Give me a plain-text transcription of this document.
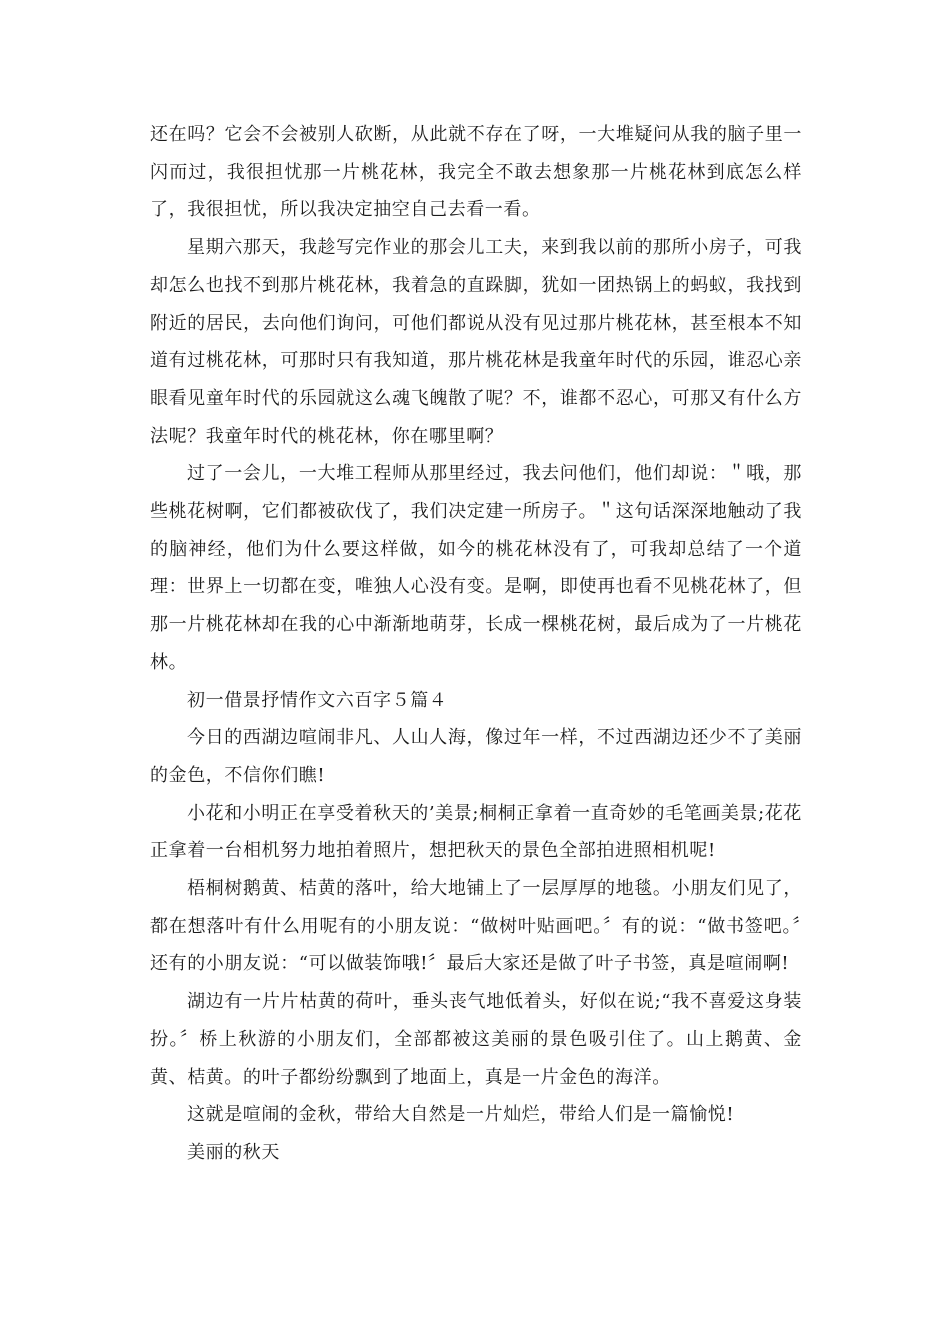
还在吗？它会不会被别人砍断，从此就不存在了呀，一大堆疑问从我的脑子里一闪而过，我很担忧那一片桃花林，我完全不敢去想象那一片桃花林到底怎么样了，我很担忧，所以我决定抽空自己去看一看。

星期六那天，我趁写完作业的那会儿工夫，来到我以前的那所小房子，可我却怎么也找不到那片桃花林，我着急的直跺脚，犹如一团热锅上的蚂蚁，我找到附近的居民，去向他们询问，可他们都说从没有见过那片桃花林，甚至根本不知道有过桃花林，可那时只有我知道，那片桃花林是我童年时代的乐园，谁忍心亲眼看见童年时代的乐园就这么魂飞魄散了呢？不，谁都不忍心，可那又有什么方法呢？我童年时代的桃花林，你在哪里啊？

过了一会儿，一大堆工程师从那里经过，我去问他们，他们却说：＂哦，那些桃花树啊，它们都被砍伐了，我们决定建一所房子。＂这句话深深地触动了我的脑神经，他们为什么要这样做，如今的桃花林没有了，可我却总结了一个道理：世界上一切都在变，唯独人心没有变。是啊，即使再也看不见桃花林了，但那一片桃花林却在我的心中渐渐地萌芽，长成一棵桃花树，最后成为了一片桃花林。

初一借景抒情作文六百字５篇４

今日的西湖边喧闹非凡、人山人海，像过年一样，不过西湖边还少不了美丽的金色，不信你们瞧!

小花和小明正在享受着秋天的’美景;桐桐正拿着一直奇妙的毛笔画美景;花花正拿着一台相机努力地拍着照片，想把秋天的景色全部拍进照相机呢!

梧桐树鹅黄、桔黄的落叶，给大地铺上了一层厚厚的地毯。小朋友们见了，都在想落叶有什么用呢有的小朋友说：“做树叶贴画吧。〞有的说：“做书签吧。〞还有的小朋友说：“可以做装饰哦!〞最后大家还是做了叶子书签，真是喧闹啊!

湖边有一片片枯黄的荷叶，垂头丧气地低着头，好似在说;“我不喜爱这身装扮。〞桥上秋游的小朋友们，全部都被这美丽的景色吸引住了。山上鹅黄、金黄、桔黄。的叶子都纷纷飘到了地面上，真是一片金色的海洋。

这就是喧闹的金秋，带给大自然是一片灿烂，带给人们是一篇愉悦!

美丽的秋天
